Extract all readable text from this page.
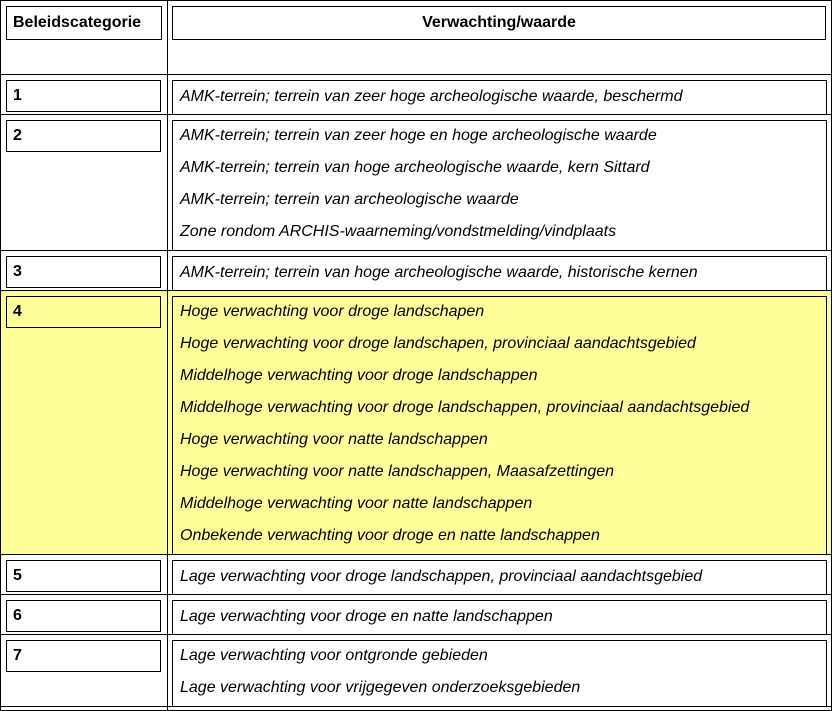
Beleidscategorie	Verwachting/waarde
1	AMK-terrein; terrein van zeer hoge archeologische waarde, beschermd
2	AMK-terrein; terrein van zeer hoge en hoge archeologische waarde
AMK-terrein; terrein van hoge archeologische waarde, kern Sittard
AMK-terrein; terrein van archeologische waarde
Zone rondom ARCHIS-waarneming/vondstmelding/vindplaats
3	AMK-terrein; terrein van hoge archeologische waarde, historische kernen
4	Hoge verwachting voor droge landschapen
Hoge verwachting voor droge landschapen, provinciaal aandachtsgebied
Middelhoge verwachting voor droge landschappen
Middelhoge verwachting voor droge landschappen, provinciaal aandachtsgebied
Hoge verwachting voor natte landschappen
Hoge verwachting voor natte landschappen, Maasafzettingen
Middelhoge verwachting voor natte landschappen
Onbekende verwachting voor droge en natte landschappen
5	Lage verwachting voor droge landschappen, provinciaal aandachtsgebied
6	Lage verwachting voor droge en natte landschappen
7	Lage verwachting voor ontgronde gebieden
Lage verwachting voor vrijgegeven onderzoeksgebieden
